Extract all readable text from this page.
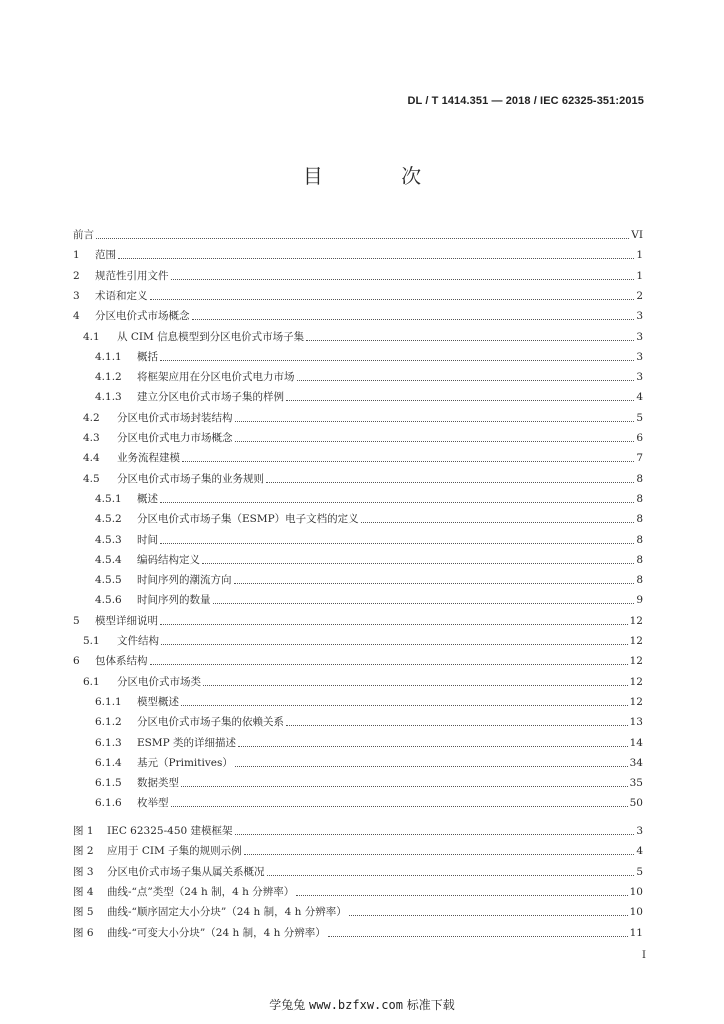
DL / T 1414.351 — 2018 / IEC 62325-351:2015
目 次
前言	VI
1	范围	1
2	规范性引用文件	1
3	术语和定义	2
4	分区电价式市场概念	3
4.1	从 CIM 信息模型到分区电价式市场子集	3
4.1.1	概括	3
4.1.2	将框架应用在分区电价式电力市场	3
4.1.3	建立分区电价式市场子集的样例	4
4.2	分区电价式市场封装结构	5
4.3	分区电价式电力市场概念	6
4.4	业务流程建模	7
4.5	分区电价式市场子集的业务规则	8
4.5.1	概述	8
4.5.2	分区电价式市场子集（ESMP）电子文档的定义	8
4.5.3	时间	8
4.5.4	编码结构定义	8
4.5.5	时间序列的潮流方向	8
4.5.6	时间序列的数量	9
5	模型详细说明	12
5.1	文件结构	12
6	包体系结构	12
6.1	分区电价式市场类	12
6.1.1	模型概述	12
6.1.2	分区电价式市场子集的依赖关系	13
6.1.3	ESMP 类的详细描述	14
6.1.4	基元（Primitives）	34
6.1.5	数据类型	35
6.1.6	枚举型	50
图 1	IEC 62325-450 建模框架	3
图 2	应用于 CIM 子集的规则示例	4
图 3	分区电价式市场子集从属关系概况	5
图 4	曲线-“点”类型（24 h 制，4 h 分辨率）	10
图 5	曲线-“顺序固定大小分块”（24 h 制，4 h 分辨率）	10
图 6	曲线-“可变大小分块”（24 h 制，4 h 分辨率）	11
I
学兔兔 www.bzfxw.com 标准下载
